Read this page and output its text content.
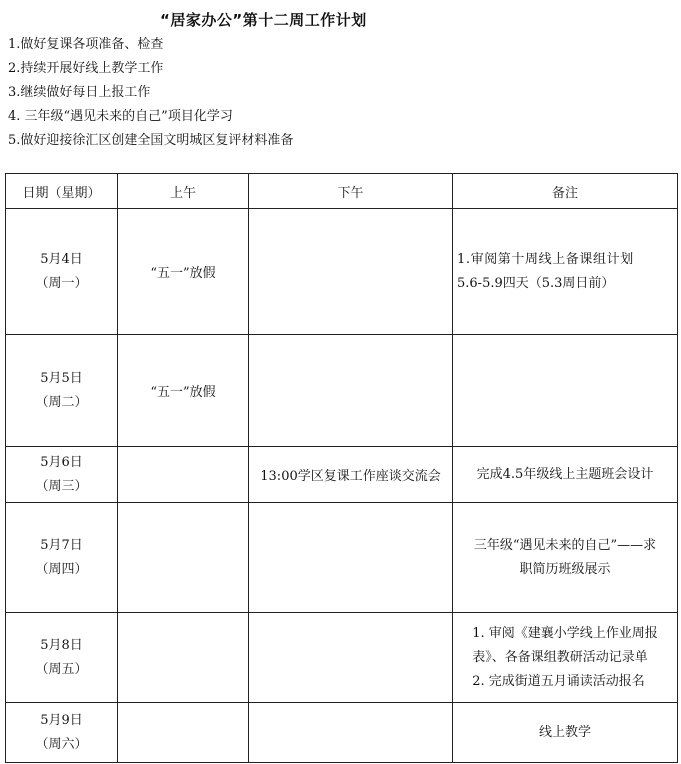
“居家办公”第十二周工作计划
1.做好复课各项准备、检查
2.持续开展好线上教学工作
3.继续做好每日上报工作
4. 三年级“遇见未来的自己”项目化学习
5.做好迎接徐汇区创建全国文明城区复评材料准备
日期（星期）	上午	下午	备注

5月4日
（周一）	“五一”放假		1.审阅第十周线上备课组计划
5.6-5.9四天（5.3周日前）

5月5日
（周二）	“五一”放假		

5月6日
（周三）		13:00学区复课工作座谈交流会	完成4.5年级线上主题班会设计

5月7日
（周四）			三年级“遇见未来的自己”——求
职简历班级展示

5月8日
（周五）			1. 审阅《建襄小学线上作业周报
表》、各备课组教研活动记录单
2. 完成街道五月诵读活动报名

5月9日
（周六）			线上教学
